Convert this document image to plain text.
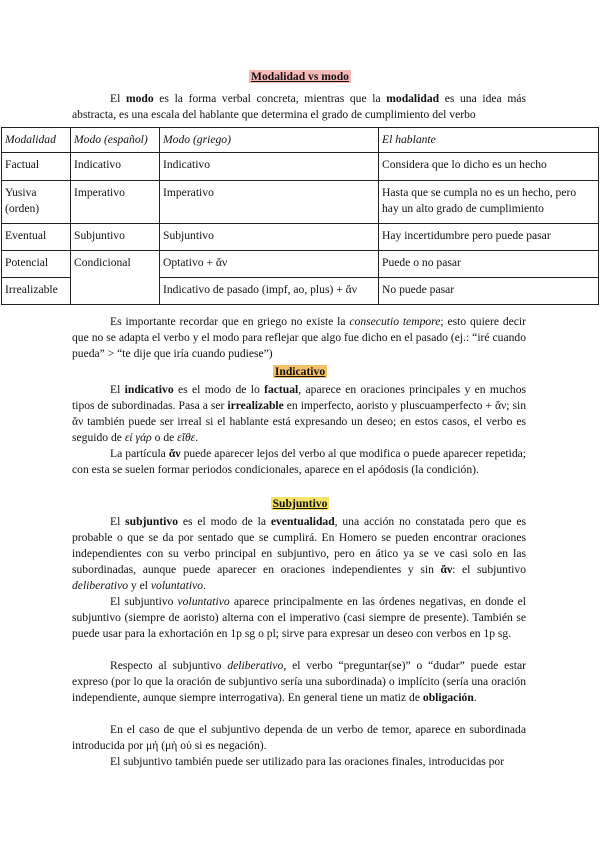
Modalidad vs modo

El modo es la forma verbal concreta, mientras que la modalidad es una idea más abstracta, es una escala del hablante que determina el grado de cumplimiento del verbo

Modalidad	Modo (español)	Modo (griego)	El hablante
Factual	Indicativo	Indicativo	Considera que lo dicho es un hecho
Yusiva (orden)	Imperativo	Imperativo	Hasta que se cumpla no es un hecho, pero hay un alto grado de cumplimiento
Eventual	Subjuntivo	Subjuntivo	Hay incertidumbre pero puede pasar
Potencial	Condicional	Optativo + ἄν	Puede o no pasar
Irrealizable		Indicativo de pasado (impf, ao, plus) + ἄν	No puede pasar

Es importante recordar que en griego no existe la consecutio tempore; esto quiere decir que no se adapta el verbo y el modo para reflejar que algo fue dicho en el pasado (ej.: “iré cuando pueda” > “te dije que iría cuando pudiese”)

Indicativo

El indicativo es el modo de lo factual, aparece en oraciones principales y en muchos tipos de subordinadas. Pasa a ser irrealizable en imperfecto, aoristo y pluscuamperfecto + ἄν; sin ἄν también puede ser irreal si el hablante está expresando un deseo; en estos casos, el verbo es seguido de εἰ γάρ o de εἴθε.

La partícula ἄν puede aparecer lejos del verbo al que modifica o puede aparecer repetida; con esta se suelen formar periodos condicionales, aparece en el apódosis (la condición).

Subjuntivo

El subjuntivo es el modo de la eventualidad, una acción no constatada pero que es probable o que se da por sentado que se cumplirá. En Homero se pueden encontrar oraciones independientes con su verbo principal en subjuntivo, pero en ático ya se ve casi solo en las subordinadas, aunque puede aparecer en oraciones independientes y sin ἄν: el subjuntivo deliberativo y el voluntativo.

El subjuntivo voluntativo aparece principalmente en las órdenes negativas, en donde el subjuntivo (siempre de aoristo) alterna con el imperativo (casi siempre de presente). También se puede usar para la exhortación en 1p sg o pl; sirve para expresar un deseo con verbos en 1p sg.

Respecto al subjuntivo deliberativo, el verbo “preguntar(se)” o “dudar” puede estar expreso (por lo que la oración de subjuntivo sería una subordinada) o implícito (sería una oración independiente, aunque siempre interrogativa). En general tiene un matiz de obligación.

En el caso de que el subjuntivo dependa de un verbo de temor, aparece en subordinada introducida por μή (μὴ οὐ si es negación).

El subjuntivo también puede ser utilizado para las oraciones finales, introducidas por
